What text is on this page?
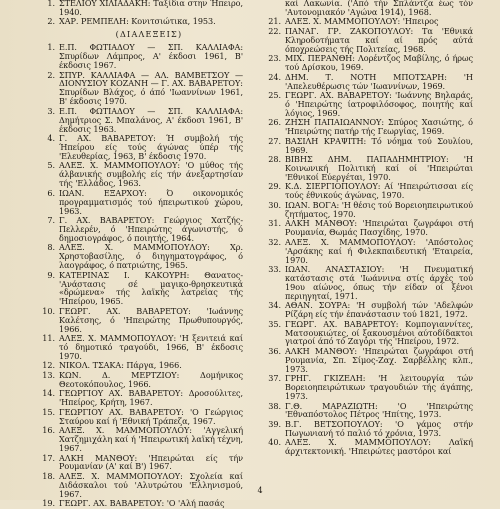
1. ΣΤΕΛΙΟΥ ΧΙΛΙΑΔΑΚΗ: Ταξίδια στην Ήπειρο, 1940.
2. ΧΑΡ. ΡΕΜΠΕΛΗ: Κονιτσιώτικα, 1953.
(ΔΙΑΛΕΞΕΙΣ)
1. Ε.Π. ΦΩΤΙΑΔΟΥ — ΣΠ. ΚΑΛΛΙΑΦΑ: Σπυρίδων Λάμπρος, Α' έκδοσι 1961, Β' έκδοσις 1967.
2. ΣΠΥΡ. ΚΑΛΛΙΑΦΑ — ΑΛ. ΒΑΜΒΕΤΣΟΥ — ΔΙΟΝΥΣΙΟΥ ΚΟΖΑΝΗ — Γ. ΑΧ. ΒΑΒΑΡΕΤΟΥ: Σπυρίδων Βλάχος, ό άπό 'Ιωαννίνων 1961, Β' έκδοσις 1970.
3. Ε.Π. ΦΩΤΙΑΔΟΥ — ΣΠ. ΚΑΛΛΙΑΦΑ: Δημήτριος Σ. Μπαλάνος, Α' έκδοσι 1961, Β' έκδοσις 1963.
4. Γ. ΑΧ. ΒΑΒΑΡΕΤΟΥ: Ή συμβολή τής Ήπείρου είς τούς άγώνας ύπέρ τής 'Ελευθερίας, 1963, Β' έκδοσις 1970.
5. ΑΛΕΞ. Χ. ΜΑΜΜΟΠΟΥΛΟΥ: 'Ο μύθος τής άλβανικής συμβολής είς τήν άνεξαρτησίαν τής 'Ελλάδος, 1963.
6. ΙΩΑΝ. ΕΞΑΡΧΟΥ: Ό οικονομικός προγραμματισμός τού ήπειρωτικού χώρου, 1963.
7. Γ. ΑΧ. ΒΑΒΑΡΕΤΟΥ: Γεώργιος Χατζής-Πελλερέν, ό 'Ηπειρώτης άγωνιστής, ό δημοσιογράφος, ό ποιητής, 1964.
8. ΑΛΕΞ. Χ. ΜΑΜΜΟΠΟΥΛΟΥ: Χρ. Χρηστοβασίλης, ό διηγηματογράφος, ό λαογράφος, ό πατριώτης, 1965.
9. ΚΑΤΕΡΙΝΑΣ Ι. ΚΑΚΟΥΡΗ: Θανατος-'Ανάστασις σέ μαγικο-θρησκευτικά «δρώμενα» τής λαϊκής λατρείας τής 'Ηπείρου, 1965.
10. ΓΕΩΡΓ. ΑΧ. ΒΑΒΑΡΕΤΟΥ: 'Ιωάννης Καλέτσης, ό 'Ηπειρώτης Πρωθυπουργός, 1966.
11. ΑΛΕΞ. Χ. ΜΑΜΜΟΠΟΥΛΟΥ: 'Η ξενιτειά καί τό δημοτικό τραγούδι, 1966, Β' έκδοσις 1970.
12. ΝΙΚΟΛ. ΤΣΑΚΑ: Πάργα, 1966.
13. ΚΩΝ. Δ. ΜΕΡΤΖΙΟΥ: Δομήνικος Θεοτοκόπουλος, 1966.
14. ΓΕΩΡΓΙΟΥ ΑΧ. ΒΑΒΑΡΕΤΟΥ: Δροσούλιτες, 'Ηπείρος, Κρήτη, 1967.
15. ΓΕΩΡΓΙΟΥ ΑΧ. ΒΑΒΑΡΕΤΟΥ: 'Ο Γεώργιος Σταύρου καί ή 'Εθνική Τράπεζα, 1967.
16. ΑΛΕΞ. Χ. ΜΑΜΜΟΠΟΥΛΟΥ: 'Αγγελική Χατζημιχάλη καί ή 'Ηπειρωτική λαϊκή τέχνη, 1967.
17. ΑΛΚΗ ΜΑΝΘΟΥ: 'Ηπειρώται είς τήν Ρουμανίαν (Α' καί Β') 1967.
18. ΑΛΕΞ. Χ. ΜΑΜΜΟΠΟΥΛΟΥ: Σχολεία καί Διδάσκαλοι τού 'Αλυτρώτου 'Ελληνισμού, 1967.
19. ΓΕΩΡΓ. ΑΧ. ΒΑΒΑΡΕΤΟΥ: 'Ο 'Αλή πασάς
καί Λακωνία. ('Από τήν Σπλάντζα έως τόν 'Αυτονομιακόν 'Αγώνα 1914), 1968.
21. ΑΛΕΞ. Χ. ΜΑΜΜΟΠΟΥΛΟΥ: 'Ηπειρος
22. ΠΑΝΑΓ. ΓΡ. ΖΑΚΟΠΟΥΛΟΥ: Τα 'Εθνικά Κληροδοτήματα καί αί πρός αύτά όποχρεώσεις τής Πολιτείας, 1968.
23. ΜΙΧ. ΠΕΡΑΝΘΗ: Λορέντζος Μαβίλης, ό ήρως τού Δρίσκου, 1969.
24. ΔΗΜ. Τ. ΝΟΤΗ ΜΠΟΤΣΑΡΗ: 'Η 'Απελευθέρωσις τών 'Ιωαννίνων, 1969.
25. ΓΕΩΡΓ. ΑΧ. ΒΑΒΑΡΕΤΟΥ: 'Ιωάννης Βηλαράς, ό 'Ηπειρώτης ίατροφιλόσοφος, ποιητής καί λόγιος, 1969.
26. ΖΗΣΗ ΠΑΠΑΙΩΑΝΝΟΥ: Σπύρος Χασιώτης, ό 'Ηπειρώτης πατήρ τής Γεωργίας, 1969.
27. ΒΑΣΙΛΗ ΚΡΑΨΙΤΗ: Τό νόημα τού Σουλίου, 1969.
28. ΒΙΒΗΣ ΔΗΜ. ΠΑΠΑΔΗΜΗΤΡΙΟΥ: 'Η Κοινωνική Πολιτική καί οί 'Ηπειρώται 'Εθνικοί Εύεργέται, 1970.
29. Κ.Δ. ΣΙΕΡΓΙΟΠΟΥΛΟΥ: Αί 'Ηπειρώτισσαι είς τούς έθνικούς άγώνας, 1970.
30. ΙΩΑΝ. ΒΟΓΑ: 'Η θέσις τού Βορειοηπειρωτικού ζητήματος, 1970.
31. ΑΛΚΗ ΜΑΝΘΟΥ: 'Ηπειρώται ζωγράφοι στή Ρουμανία, Θωμάς Πασχίδης, 1970.
32. ΑΛΕΞ. Χ. ΜΑΜΜΟΠΟΥΛΟΥ: 'Απόστολος 'Αρσάκης καί ή Φιλεκπαιδευτική 'Εταιρεία, 1970.
33. ΙΩΑΝ. ΑΝΑΣΤΑΣΙΟΥ: 'Η Πνευματική κατάστασις στά 'Ιωάννινα στίς άρχές τού 19ου αίώνος, όπως τήν είδαν οί ξένοι περιηγηταί, 1971.
34. ΑΘΑΝ. ΣΟΥΡΑ: 'Η συμβολή τών 'Αδελφών Ρίζάρη είς τήν έπανάστασιν τού 1821, 1972.
35. ΓΕΩΡΓ. ΑΧ. ΒΑΒΑΡΕΤΟΥ: Κομπογιαννίτες, Ματσουκιώτες, οί ξακουσμένοι αύτοδίδακτοι γιατροί άπό τό Ζαγόρι τής 'Ηπείρου, 1972.
36. ΑΛΚΗ ΜΑΝΘΟΥ: 'Ηπειρώται ζωγράφοι στή Ρουμανία, Σπ. Σίμος-Ζαχ. Σαρβέλλης κλπ., 1973.
37. ΓΡΗΓ. ΓΚΙΖΕΛΗ: 'Η λειτουργία τών Βορειοηπειρώτικων τραγουδιών τής άγάπης, 1973.
38. Γ.Θ. ΜΑΡΑΖΙΩΤΗ: 'Ο 'Ηπειρώτης 'Εθναπόστολος Πέτρος 'Ηπίτης, 1973.
39. Β.Γ. ΒΕΤΣΟΠΟΥΛΟΥ: 'Ο γάμος στήν Πωγωνιανή τό παλιό τό χρόνια, 1973.
40. ΑΛΕΞ. Χ. ΜΑΜΜΟΠΟΥΛΟΥ: Λαϊκή άρχιτεκτονική. 'Ηπειρώτες μαστόροι καί
4
